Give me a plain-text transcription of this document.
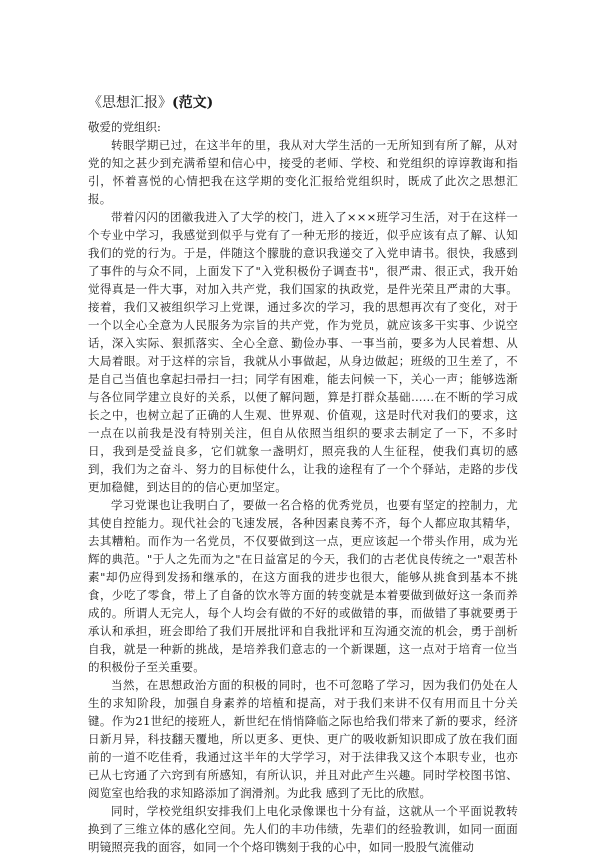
《思想汇报》(范文)

敬爱的党组织:

转眼学期已过，在这半年的里，我从对大学生活的一无所知到有所了解，从对党的知之甚少到充满希望和信心中，接受的老师、学校、和党组织的谆谆教诲和指引，怀着喜悦的心情把我在这学期的变化汇报给党组织时，既成了此次之思想汇报。

带着闪闪的团徽我进入了大学的校门，进入了×××班学习生活，对于在这样一个专业中学习，我感觉到似乎与党有了一种无形的接近，似乎应该有点了解、认知我们的党的行为。于是，伴随这个朦胧的意识我递交了入党申请书。很快，我感到了事件的与众不同，上面发下了"入党积极份子调查书"，很严肃、很正式，我开始觉得真是一件大事，对加入共产党，我们国家的执政党，是件光荣且严肃的大事。接着，我们又被组织学习上党课，通过多次的学习，我的思想再次有了变化，对于一个以全心全意为人民服务为宗旨的共产党，作为党员，就应该多干实事、少说空话，深入实际、狠抓落实、全心全意、勤俭办事、一事当前，要多为人民着想、从大局着眼。对于这样的宗旨，我就从小事做起，从身边做起；班级的卫生差了，不是自己当值也拿起扫帚扫一扫；同学有困难，能去问候一下，关心一声；能够选渐与各位同学建立良好的关系，以便了解问题，算是打群众基础......在不断的学习成长之中，也树立起了正确的人生观、世界观、价值观，这是时代对我们的要求，这一点在以前我是没有特别关注，但自从依照当组织的要求去制定了一下，不多时日，我到是受益良多，它们就象一盏明灯，照亮我的人生征程，使我们真切的感到，我们为之奋斗、努力的目标使什么，让我的途程有了一个个驿站，走路的步伐更加稳健，到达目的的信心更加坚定。

学习党课也让我明白了，要做一名合格的优秀党员，也要有坚定的控制力，尤其使自控能力。现代社会的飞速发展，各种因素良莠不齐，每个人都应取其精华，去其糟粕。而作为一名党员，不仅要做到这一点，更应该起一个带头作用，成为光辉的典范。"于人之先而为之"在日益富足的今天，我们的古老优良传统之一"艰苦朴素"却仍应得到发扬和继承的，在这方面我的进步也很大，能够从挑食到基本不挑食，少吃了零食，带上了自备的饮水等方面的转变就是本着要做到做好这一条而养成的。所谓人无完人，每个人均会有做的不好的或做错的事，而做错了事就要勇于承认和承担，班会即给了我们开展批评和自我批评和互沟通交流的机会，勇于剖析自我，就是一种新的挑战，是培养我们意志的一个新课题，这一点对于培育一位当的积极份子至关重要。

当然，在思想政治方面的积极的同时，也不可忽略了学习，因为我们仍处在人生的求知阶段，加强自身素养的培植和提高，对于我们来讲不仅有用而且十分关键。作为21世纪的接班人，新世纪在悄悄降临之际也给我们带来了新的要求，经济日新月异，科技翻天覆地，所以更多、更快、更广的吸收新知识即成了放在我们面前的一道不吃佳肴，我通过这半年的大学学习，对于法律我又这个本职专业，也亦已从七窍通了六窍到有所感知，有所认识，并且对此产生兴趣。同时学校图书馆、阅览室也给我的求知路添加了润滑剂。为此我 感到了无比的欣慰。

同时，学校党组织安排我们上电化录像课也十分有益，这就从一个平面说教转换到了三维立体的感化空间。先人们的丰功伟绩，先辈们的经验教训，如同一面面明镜照亮我的面容，如同一个个烙印镌刻于我的心中，如同一股股气流催动
